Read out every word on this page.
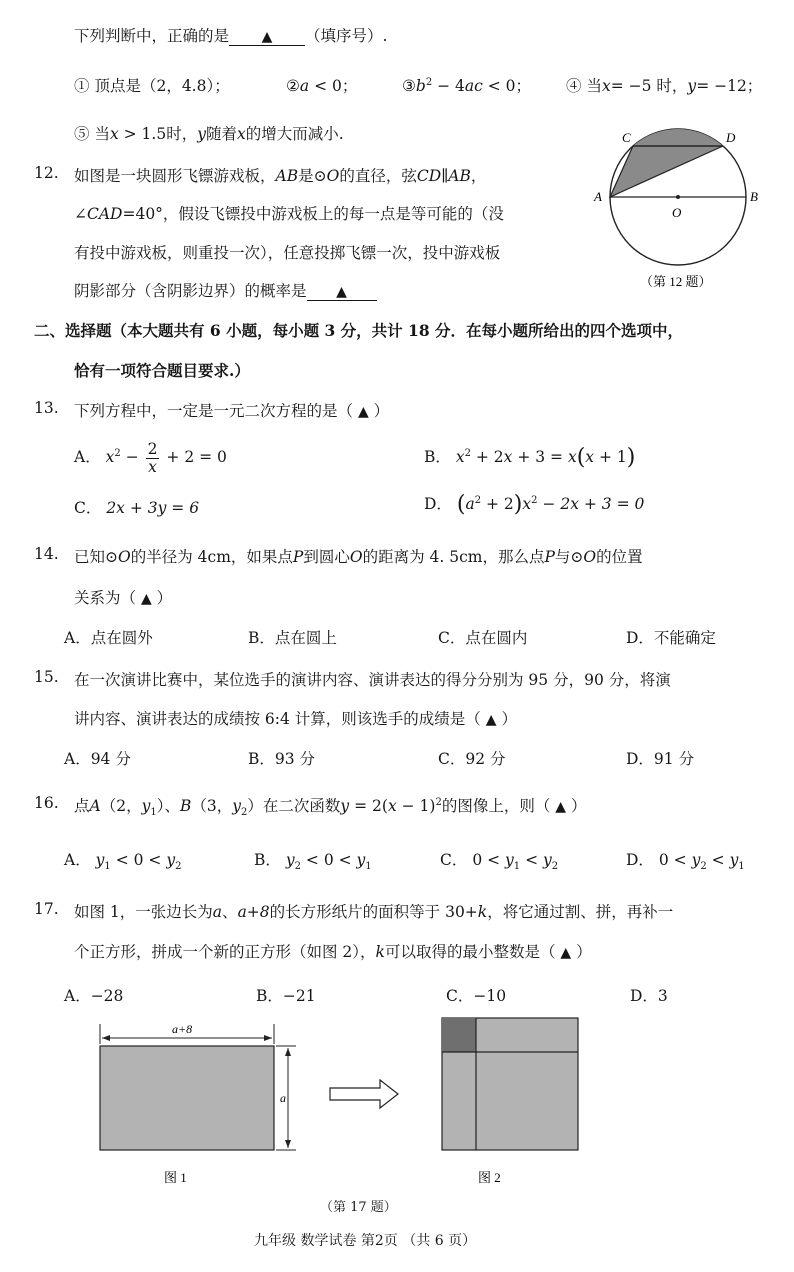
下列判断中，正确的是 ▲ （填序号）.
① 顶点是（2，4.8）；	②a < 0；	$③b^2 - 4ac < 0$； ④ 当x= −5 时，y= −12；
⑤ 当x > 1.5时，y随着x的增大而减小.
12. 如图是一块圆形飞镖游戏板，AB是⊙O的直径，弦CD∥AB，
∠CAD=40°，假设飞镖投中游戏板上的每一点是等可能的（没
有投中游戏板，则重投一次），任意投掷飞镖一次，投中游戏板
阴影部分（含阴影边界）的概率是 ▲
C	D
A	B
O
（第 12 题）
二、选择题（本大题共有 6 小题，每小题 3 分，共计 18 分．在每小题所给出的四个选项中，
恰有一项符合题目要求.）
13. 下列方程中，一定是一元二次方程的是（ ▲ ）
A． $x^2 - \frac{2}{x} + 2 = 0$	B． $x^2 + 2x + 3 = x(x + 1)$
C． 2x + 3y = 6	D． $(a^2 + 2)x^2 - 2x + 3 = 0$
14. 已知⊙O的半径为 4cm，如果点P到圆心O的距离为 4. 5cm，那么点P与⊙O的位置
关系为（ ▲ ）
A．点在圆外	B．点在圆上	C．点在圆内	D．不能确定
15. 在一次演讲比赛中，某位选手的演讲内容、演讲表达的得分分别为 95 分，90 分，将演
讲内容、演讲表达的成绩按 6:4 计算，则该选手的成绩是（ ▲ ）
A．94 分	B．93 分	C．92 分	D．91 分
16. 点A（2，$y_1$）、B（3，$y_2$）在二次函数$y = 2(x - 1)^2$的图像上，则（ ▲ ）
A． $y_1 < 0 < y_2$	B． $y_2 < 0 < y_1$	C． $0 < y_1 < y_2$	D． $0 < y_2 < y_1$
17. 如图 1，一张边长为a、a+8的长方形纸片的面积等于 30+k，将它通过割、拼，再补一
个正方形，拼成一个新的正方形（如图 2），k可以取得的最小整数是（ ▲ ）
A．−28	B．−21	C．−10	D．3
a+8
a
图 1	图 2
（第 17 题）
九年级 数学试卷 第2页 （共 6 页）
